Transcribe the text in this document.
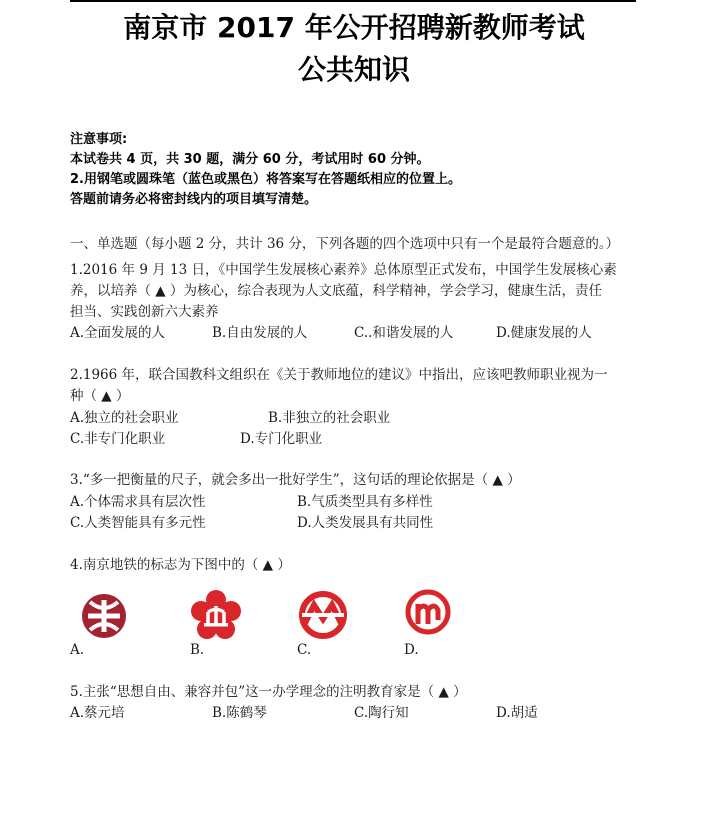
南京市 2017 年公开招聘新教师考试
公共知识
注意事项:
本试卷共 4 页，共 30 题，满分 60 分，考试用时 60 分钟。
2.用钢笔或圆珠笔（蓝色或黑色）将答案写在答题纸相应的位置上。
答题前请务必将密封线内的项目填写清楚。
一、单选题（每小题 2 分，共计 36 分，下列各题的四个选项中只有一个是最符合题意的。）
1.2016 年 9 月 13 日，《中国学生发展核心素养》总体原型正式发布，中国学生发展核心素
养，以培养（ ▲ ）为核心，综合表现为人文底蕴，科学精神，学会学习，健康生活，责任
担当、实践创新六大素养
A.全面发展的人	B.自由发展的人	C..和谐发展的人	D.健康发展的人
2.1966 年，联合国教科文组织在《关于教师地位的建议》中指出，应该吧教师职业视为一
种（ ▲ ）
A.独立的社会职业	B.非独立的社会职业
C.非专门化职业	D.专门化职业
3.“多一把衡量的尺子，就会多出一批好学生”，这句话的理论依据是（ ▲ ）
A.个体需求具有层次性	B.气质类型具有多样性
C.人类智能具有多元性	D.人类发展具有共同性
4.南京地铁的标志为下图中的（ ▲ ）
A.	B.	C.	D.
5.主张“思想自由、兼容并包”这一办学理念的注明教育家是（ ▲ ）
A.蔡元培	B.陈鹤琴	C.陶行知	D.胡适
